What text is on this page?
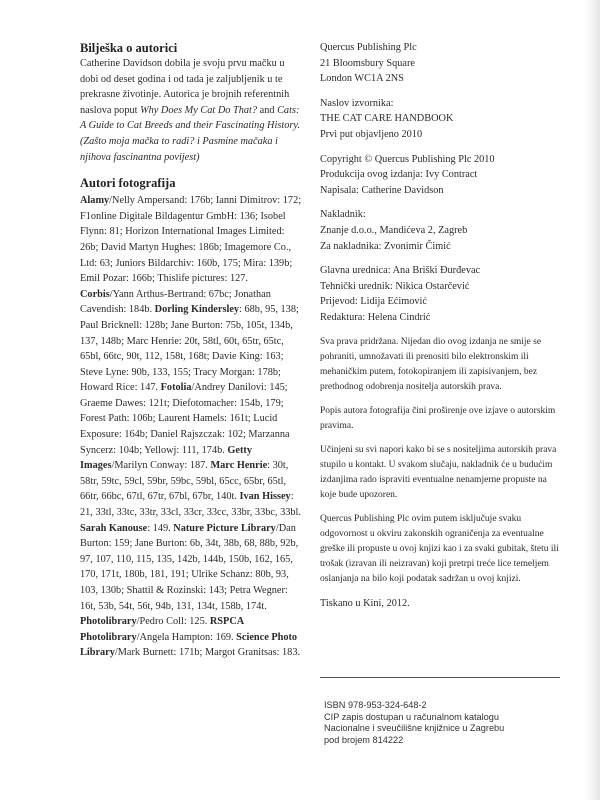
Bilješka o autorici
Catherine Davidson dobila je svoju prvu mačku u dobi od deset godina i od tada je zaljubljenik u te prekrasne životinje. Autorica je brojnih referentnih naslova poput Why Does My Cat Do That? and Cats: A Guide to Cat Breeds and their Fascinating History.(Zašto moja mačka to radi? i Pasmine mačaka i njihova fascinantna povijest)
Autori fotografija
Alamy/Nelly Ampersand: 176b; Ianni Dimitrov: 172; F1online Digitale Bildagentur GmbH: 136; Isobel Flynn: 81; Horizon International Images Limited: 26b; David Martyn Hughes: 186b; Imagemore Co., Ltd: 63; Juniors Bildarchiv: 160b, 175; Mira: 139b; Emil Pozar: 166b; Thislife pictures: 127. Corbis/Yann Arthus-Bertrand: 67bc; Jonathan Cavendish: 184b. Dorling Kindersley: 68b, 95, 138; Paul Bricknell: 128b; Jane Burton: 75b, 105t, 134b, 137, 148b; Marc Henrie: 20t, 58tl, 60t, 65tr, 65tc, 65bl, 66tc, 90t, 112, 158t, 168t; Davie King: 163; Steve Lyne: 90b, 133, 155; Tracy Morgan: 178b; Howard Rice: 147. Fotolia/Andrey Danilovi: 145; Graeme Dawes: 121t; Diefotomacher: 154b, 179; Forest Path: 106b; Laurent Hamels: 161t; Lucid Exposure: 164b; Daniel Rajszczak: 102; Marzanna Syncerz: 104b; Yellowj: 111, 174b. Getty Images/Marilyn Conway: 187. Marc Henrie: 30t, 58tr, 59tc, 59cl, 59br, 59bc, 59bl, 65cc, 65br, 65tl, 66tr, 66bc, 67tl, 67tr, 67bl, 67br, 140t. Ivan Hissey: 21, 33tl, 33tc, 33tr, 33cl, 33cr, 33cc, 33br, 33bc, 33bl. Sarah Kanouse: 149. Nature Picture Library/Dan Burton: 159; Jane Burton: 6b, 34t, 38b, 68, 88b, 92b, 97, 107, 110, 115, 135, 142b, 144b, 150b, 162, 165, 170, 171t, 180b, 181, 191; Ulrike Schanz: 80b, 93, 103, 130b; Shattil & Rozinski: 143; Petra Wegner: 16t, 53b, 54t, 56t, 94b, 131, 134t, 158b, 174t. Photolibrary/Pedro Coll: 125. RSPCA Photolibrary/Angela Hampton: 169. Science Photo Library/Mark Burnett: 171b; Margot Granitsas: 183.

Quercus Publishing Plc

21 Bloomsbury Square

London WC1A 2NS

Naslov izvornika:

THE CAT CARE HANDBOOK

Prvi put objavljeno 2010

Copyright © Quercus Publishing Plc 2010

Produkcija ovog izdanja: Ivy Contract

Napisala: Catherine Davidson

Nakladnik:

Znanje d.o.o., Mandićeva 2, Zagreb

Za nakladnika: Zvonimir Čimić

Glavna urednica: Ana Briški Đurđevac

Tehnički urednik: Nikica Ostarčević

Prijevod: Lidija Ećimović

Redaktura: Helena Cindrić

Sva prava pridržana. Nijedan dio ovog izdanja ne smije se pohraniti, umnožavati ili prenositi bilo elektronskim ili mehaničkim putem, fotokopiranjem ili zapisivanjem, bez prethodnog odobrenja nositelja autorskih prava.

Popis autora fotografija čini proširenje ove izjave o autorskim pravima.

Učinjeni su svi napori kako bi se s nositeljima autorskih prava stupilo u kontakt. U svakom slučaju, nakladnik će u budućim izdanjima rado ispraviti eventualne nenamjerne propuste na koje bude upozoren.

Quercus Publishing Plc ovim putem isključuje svaku odgovornost u okviru zakonskih ograničenja za eventualne greške ili propuste u ovoj knjizi kao i za svaki gubitak, štetu ili trošak (izravan ili neizravan) koji pretrpi treće lice temeljem oslanjanja na bilo koji podatak sadržan u ovoj knjizi.

Tiskano u Kini, 2012.

ISBN 978-953-324-648-2
CIP zapis dostupan u računalnom katalogu
Nacionalne i sveučilišne knjižnice u Zagrebu
pod brojem 814222
